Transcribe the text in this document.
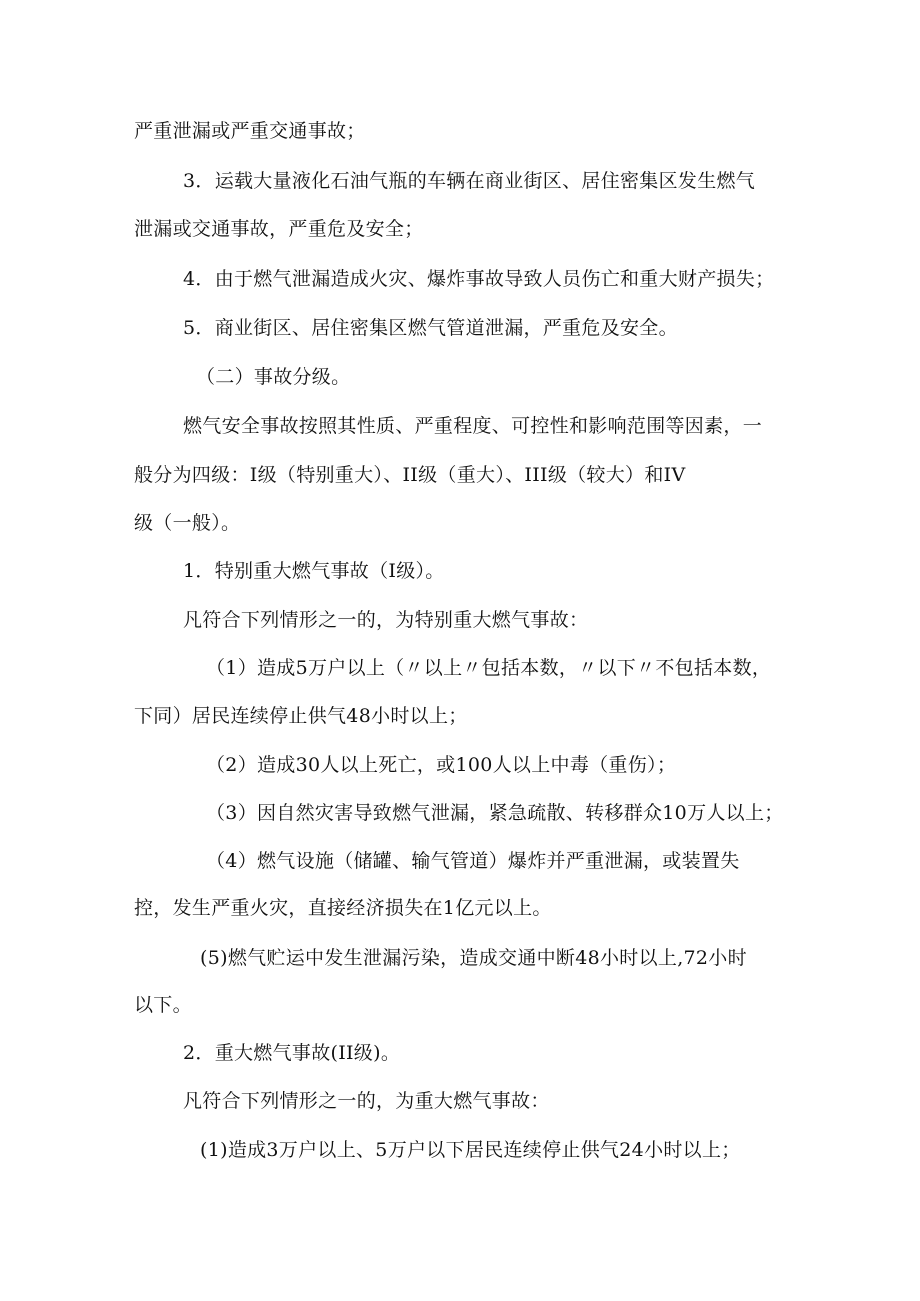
严重泄漏或严重交通事故；
3．运载大量液化石油气瓶的车辆在商业街区、居住密集区发生燃气
泄漏或交通事故，严重危及安全；
4．由于燃气泄漏造成火灾、爆炸事故导致人员伤亡和重大财产损失；
5．商业街区、居住密集区燃气管道泄漏，严重危及安全。
（二）事故分级。
燃气安全事故按照其性质、严重程度、可控性和影响范围等因素，一
般分为四级：I级（特别重大）、II级（重大）、III级（较大）和IV
级（一般）。
1．特别重大燃气事故（I级）。
凡符合下列情形之一的，为特别重大燃气事故：
（1）造成5万户以上（〃以上〃包括本数，〃以下〃不包括本数，
下同）居民连续停止供气48小时以上；
（2）造成30人以上死亡，或100人以上中毒（重伤）；
（3）因自然灾害导致燃气泄漏，紧急疏散、转移群众10万人以上；
（4）燃气设施（储罐、输气管道）爆炸并严重泄漏，或装置失
控，发生严重火灾，直接经济损失在1亿元以上。
(5)燃气贮运中发生泄漏污染，造成交通中断48小时以上,72小时
以下。
2．重大燃气事故(II级)。
凡符合下列情形之一的，为重大燃气事故：
(1)造成3万户以上、5万户以下居民连续停止供气24小时以上；
